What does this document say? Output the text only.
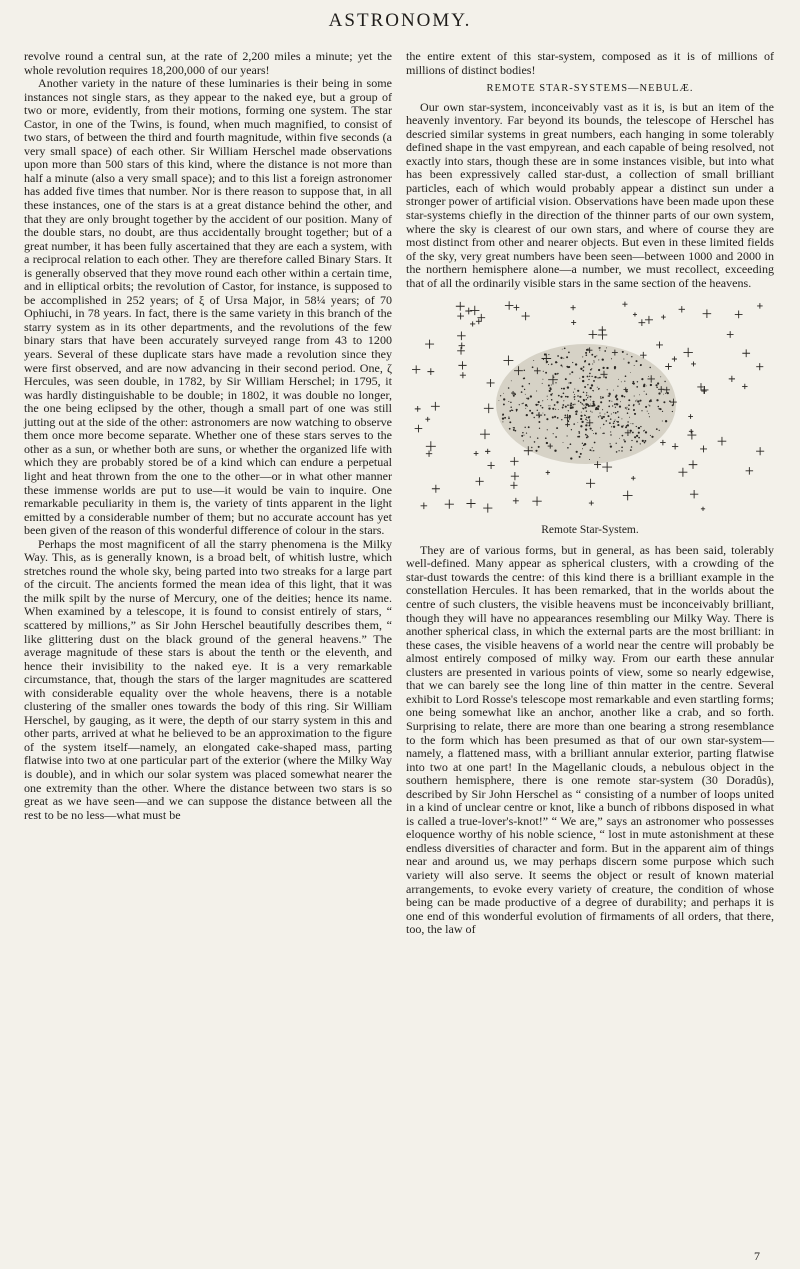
ASTRONOMY.

revolve round a central sun, at the rate of 2,200 miles a minute; yet the whole revolution requires 18,200,000 of our years!

Another variety in the nature of these luminaries is their being in some instances not single stars, as they appear to the naked eye, but a group of two or more, evidently, from their motions, forming one system. The star Castor, in one of the Twins, is found, when much magnified, to consist of two stars, of between the third and fourth magnitude, within five seconds (a very small space) of each other. Sir William Herschel made observations upon more than 500 stars of this kind, where the distance is not more than half a minute (also a very small space); and to this list a foreign astronomer has added five times that number. Nor is there reason to suppose that, in all these instances, one of the stars is at a great distance behind the other, and that they are only brought together by the accident of our position. Many of the double stars, no doubt, are thus accidentally brought together; but of a great number, it has been fully ascertained that they are each a system, with a reciprocal relation to each other. They are therefore called Binary Stars. It is generally observed that they move round each other within a certain time, and in elliptical orbits; the revolution of Castor, for instance, is supposed to be accomplished in 252 years; of ξ of Ursa Major, in 58¼ years; of 70 Ophiuchi, in 78 years. In fact, there is the same variety in this branch of the starry system as in its other departments, and the revolutions of the few binary stars that have been accurately surveyed range from 43 to 1200 years. Several of these duplicate stars have made a revolution since they were first observed, and are now advancing in their second period. One, ζ Hercules, was seen double, in 1782, by Sir William Herschel; in 1795, it was hardly distinguishable to be double; in 1802, it was double no longer, the one being eclipsed by the other, though a small part of one was still jutting out at the side of the other: astronomers are now watching to observe them once more become separate. Whether one of these stars serves to the other as a sun, or whether both are suns, or whether the organized life with which they are probably stored be of a kind which can endure a perpetual light and heat thrown from the one to the other—or in what other manner these immense worlds are put to use—it would be vain to inquire. One remarkable peculiarity in them is, the variety of tints apparent in the light emitted by a considerable number of them; but no accurate account has yet been given of the reason of this wonderful difference of colour in the stars.

Perhaps the most magnificent of all the starry phenomena is the Milky Way. This, as is generally known, is a broad belt, of whitish lustre, which stretches round the whole sky, being parted into two streaks for a large part of the circuit. The ancients formed the mean idea of this light, that it was the milk spilt by the nurse of Mercury, one of the deities; hence its name. When examined by a telescope, it is found to consist entirely of stars, “ scattered by millions,” as Sir John Herschel beautifully describes them, “ like glittering dust on the black ground of the general heavens.” The average magnitude of these stars is about the tenth or the eleventh, and hence their invisibility to the naked eye. It is a very remarkable circumstance, that, though the stars of the larger magnitudes are scattered with considerable equality over the whole heavens, there is a notable clustering of the smaller ones towards the body of this ring. Sir William Herschel, by gauging, as it were, the depth of our starry system in this and other parts, arrived at what he believed to be an approximation to the figure of the system itself—namely, an elongated cake-shaped mass, parting flatwise into two at one particular part of the exterior (where the Milky Way is double), and in which our solar system was placed somewhat nearer the one extremity than the other. Where the distance between two stars is so great as we have seen—and we can suppose the distance between all the rest to be no less—what must be

the entire extent of this star-system, composed as it is of millions of millions of distinct bodies!

REMOTE STAR-SYSTEMS—NEBULÆ.

Our own star-system, inconceivably vast as it is, is but an item of the heavenly inventory. Far beyond its bounds, the telescope of Herschel has descried similar systems in great numbers, each hanging in some tolerably defined shape in the vast empyrean, and each capable of being resolved, not exactly into stars, though these are in some instances visible, but into what has been expressively called star-dust, a collection of small brilliant particles, each of which would probably appear a distinct sun under a stronger power of artificial vision. Observations have been made upon these star-systems chiefly in the direction of the thinner parts of our own system, where the sky is clearest of our own stars, and where of course they are most distinct from other and nearer objects. But even in these limited fields of the sky, very great numbers have been seen—between 1000 and 2000 in the northern hemisphere alone—a number, we must recollect, exceeding that of all the ordinarily visible stars in the same section of the heavens.

Remote Star-System.

They are of various forms, but in general, as has been said, tolerably well-defined. Many appear as spherical clusters, with a crowding of the star-dust towards the centre: of this kind there is a brilliant example in the constellation Hercules. It has been remarked, that in the worlds about the centre of such clusters, the visible heavens must be inconceivably brilliant, though they will have no appearances resembling our Milky Way. There is another spherical class, in which the external parts are the most brilliant: in these cases, the visible heavens of a world near the centre will probably be almost entirely composed of milky way. From our earth these annular clusters are presented in various points of view, some so nearly edgewise, that we can barely see the long line of thin matter in the centre. Several exhibit to Lord Rosse's telescope most remarkable and even startling forms; one being somewhat like an anchor, another like a crab, and so forth. Surprising to relate, there are more than one bearing a strong resemblance to the form which has been presumed as that of our own star-system—namely, a flattened mass, with a brilliant annular exterior, parting flatwise into two at one part! In the Magellanic clouds, a nebulous object in the southern hemisphere, there is one remote star-system (30 Doradûs), described by Sir John Herschel as “ consisting of a number of loops united in a kind of unclear centre or knot, like a bunch of ribbons disposed in what is called a true-lover's-knot!” “ We are,” says an astronomer who possesses eloquence worthy of his noble science, “ lost in mute astonishment at these endless diversities of character and form. But in the apparent aim of things near and around us, we may perhaps discern some purpose which such variety will also serve. It seems the object or result of known material arrangements, to evoke every variety of creature, the condition of whose being can be made productive of a degree of durability; and perhaps it is one end of this wonderful evolution of firmaments of all orders, that there, too, the law of

7
